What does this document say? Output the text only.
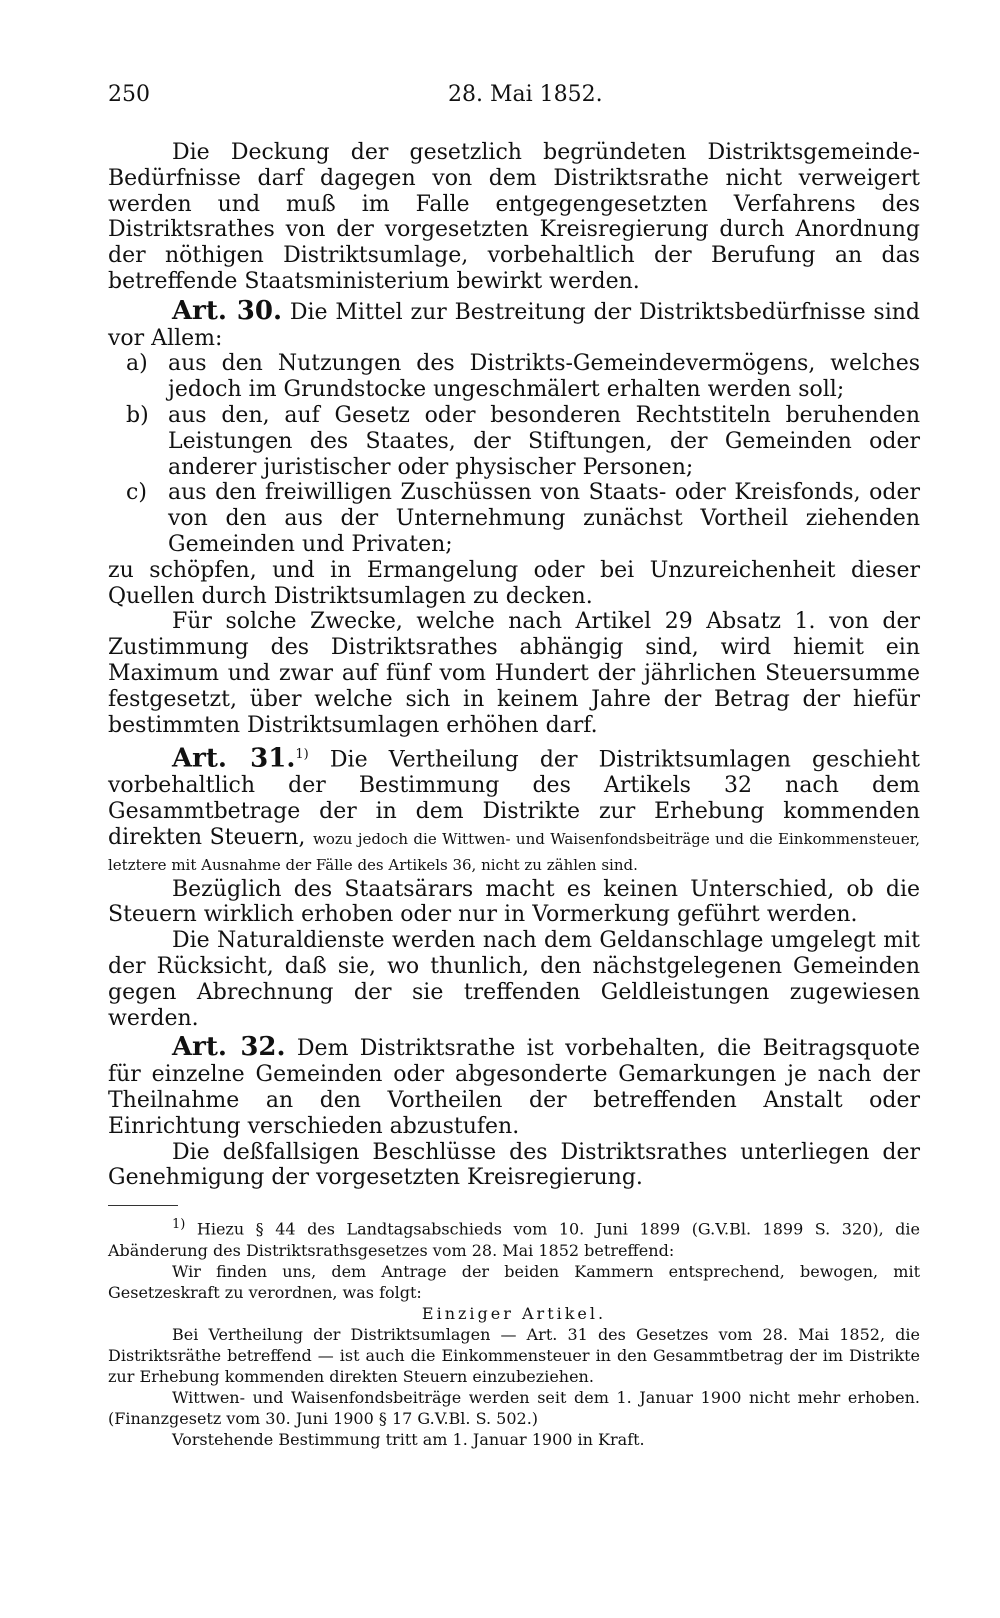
250	28. Mai 1852.

Die Deckung der gesetzlich begründeten Distriktsgemeinde-Bedürfnisse darf dagegen von dem Distriktsrathe nicht verweigert werden und muß im Falle entgegengesetzten Verfahrens des Distriktsrathes von der vorgesetzten Kreisregierung durch Anordnung der nöthigen Distriktsumlage, vorbehaltlich der Berufung an das betreffende Staatsministerium bewirkt werden.

Art. 30. Die Mittel zur Bestreitung der Distriktsbedürfnisse sind vor Allem:

a) aus den Nutzungen des Distrikts-Gemeindevermögens, welches jedoch im Grundstocke ungeschmälert erhalten werden soll;
b) aus den, auf Gesetz oder besonderen Rechtstiteln beruhenden Leistungen des Staates, der Stiftungen, der Gemeinden oder anderer juristischer oder physischer Personen;
c) aus den freiwilligen Zuschüssen von Staats- oder Kreisfonds, oder von den aus der Unternehmung zunächst Vortheil ziehenden Gemeinden und Privaten;

zu schöpfen, und in Ermangelung oder bei Unzureichenheit dieser Quellen durch Distriktsumlagen zu decken.

Für solche Zwecke, welche nach Artikel 29 Absatz 1. von der Zustimmung des Distriktsrathes abhängig sind, wird hiemit ein Maximum und zwar auf fünf vom Hundert der jährlichen Steuersumme festgesetzt, über welche sich in keinem Jahre der Betrag der hiefür bestimmten Distriktsumlagen erhöhen darf.

Art. 31.$^{1)}$ Die Vertheilung der Distriktsumlagen geschieht vorbehaltlich der Bestimmung des Artikels 32 nach dem Gesammtbetrage der in dem Distrikte zur Erhebung kommenden direkten Steuern, wozu jedoch die Wittwen- und Waisenfondsbeiträge und die Einkommensteuer, letztere mit Ausnahme der Fälle des Artikels 36, nicht zu zählen sind.

Bezüglich des Staatsärars macht es keinen Unterschied, ob die Steuern wirklich erhoben oder nur in Vormerkung geführt werden.

Die Naturaldienste werden nach dem Geldanschlage umgelegt mit der Rücksicht, daß sie, wo thunlich, den nächstgelegenen Gemeinden gegen Abrechnung der sie treffenden Geldleistungen zugewiesen werden.

Art. 32. Dem Distriktsrathe ist vorbehalten, die Beitragsquote für einzelne Gemeinden oder abgesonderte Gemarkungen je nach der Theilnahme an den Vortheilen der betreffenden Anstalt oder Einrichtung verschieden abzustufen.

Die deßfallsigen Beschlüsse des Distriktsrathes unterliegen der Genehmigung der vorgesetzten Kreisregierung.

$^{1)}$ Hiezu § 44 des Landtagsabschieds vom 10. Juni 1899 (G.V.Bl. 1899 S. 320), die Abänderung des Distriktsrathsgesetzes vom 28. Mai 1852 betreffend:

Wir finden uns, dem Antrage der beiden Kammern entsprechend, bewogen, mit Gesetzeskraft zu verordnen, was folgt:

Einziger Artikel.

Bei Vertheilung der Distriktsumlagen — Art. 31 des Gesetzes vom 28. Mai 1852, die Distriktsräthe betreffend — ist auch die Einkommensteuer in den Gesammtbetrag der im Distrikte zur Erhebung kommenden direkten Steuern einzubeziehen.

Wittwen- und Waisenfondsbeiträge werden seit dem 1. Januar 1900 nicht mehr erhoben. (Finanzgesetz vom 30. Juni 1900 § 17 G.V.Bl. S. 502.)

Vorstehende Bestimmung tritt am 1. Januar 1900 in Kraft.
